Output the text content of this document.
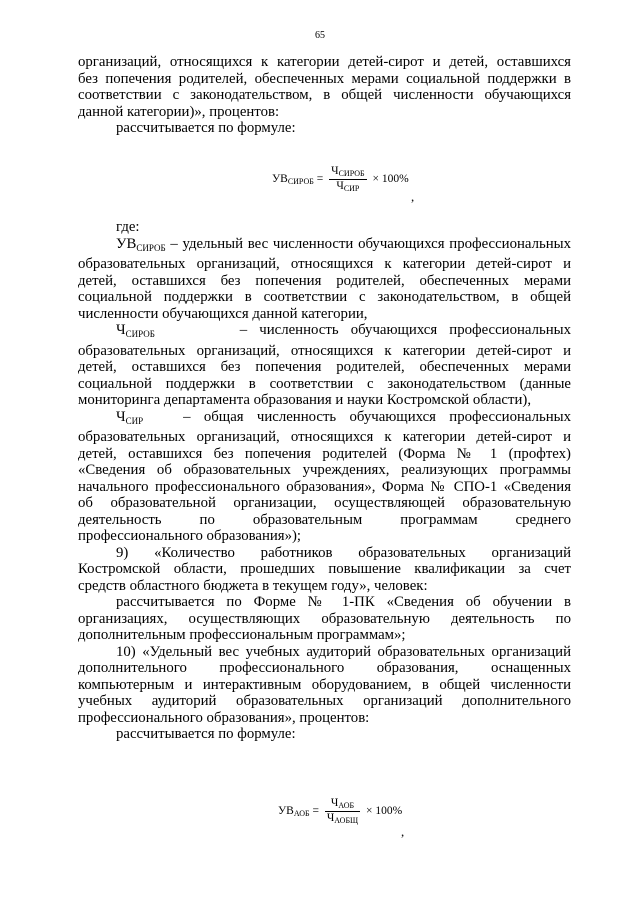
65
организаций, относящихся к категории детей-сирот и детей, оставшихся
без попечения родителей, обеспеченных мерами социальной поддержки в
соответствии с законодательством, в общей численности обучающихся
данной категории)», процентов:
рассчитывается по формуле:
$УВ_{СИРОБ} = \frac{Ч_{СИРОБ}}{Ч_{СИР}} \times 100\%$
,
где:
$УВ_{СИРОБ}$ – удельный вес численности обучающихся профессиональных
образовательных организаций, относящихся к категории детей-сирот и
детей, оставшихся без попечения родителей, обеспеченных мерами
социальной поддержки в соответствии с законодательством, в общей
численности обучающихся данной категории,
$Ч_{СИРОБ}$	– численность обучающихся профессиональных
образовательных организаций, относящихся к категории детей-сирот и
детей, оставшихся без попечения родителей, обеспеченных мерами
социальной поддержки в соответствии с законодательством (данные
мониторинга департамента образования и науки Костромской области),
$Ч_{СИР}$	– общая численность обучающихся профессиональных
образовательных организаций, относящихся к категории детей-сирот и
детей, оставшихся без попечения родителей (Форма № 1 (профтех)
«Сведения об образовательных учреждениях, реализующих программы
начального профессионального образования», Форма № СПО-1 «Сведения
об образовательной организации, осуществляющей образовательную
деятельность по образовательным программам среднего
профессионального образования»);
9) «Количество работников образовательных организаций
Костромской области, прошедших повышение квалификации за счет
средств областного бюджета в текущем году», человек:
рассчитывается по Форме № 1-ПК «Сведения об обучении в
организациях, осуществляющих образовательную деятельность по
дополнительным профессиональным программам»;
10) «Удельный вес учебных аудиторий образовательных организаций
дополнительного профессионального образования, оснащенных
компьютерным и интерактивным оборудованием, в общей численности
учебных аудиторий образовательных организаций дополнительного
профессионального образования», процентов:
рассчитывается по формуле:
$УВ_{АОБ} = \frac{Ч_{АОБ}}{Ч_{АОБЩ}} \times 100\%$
,
